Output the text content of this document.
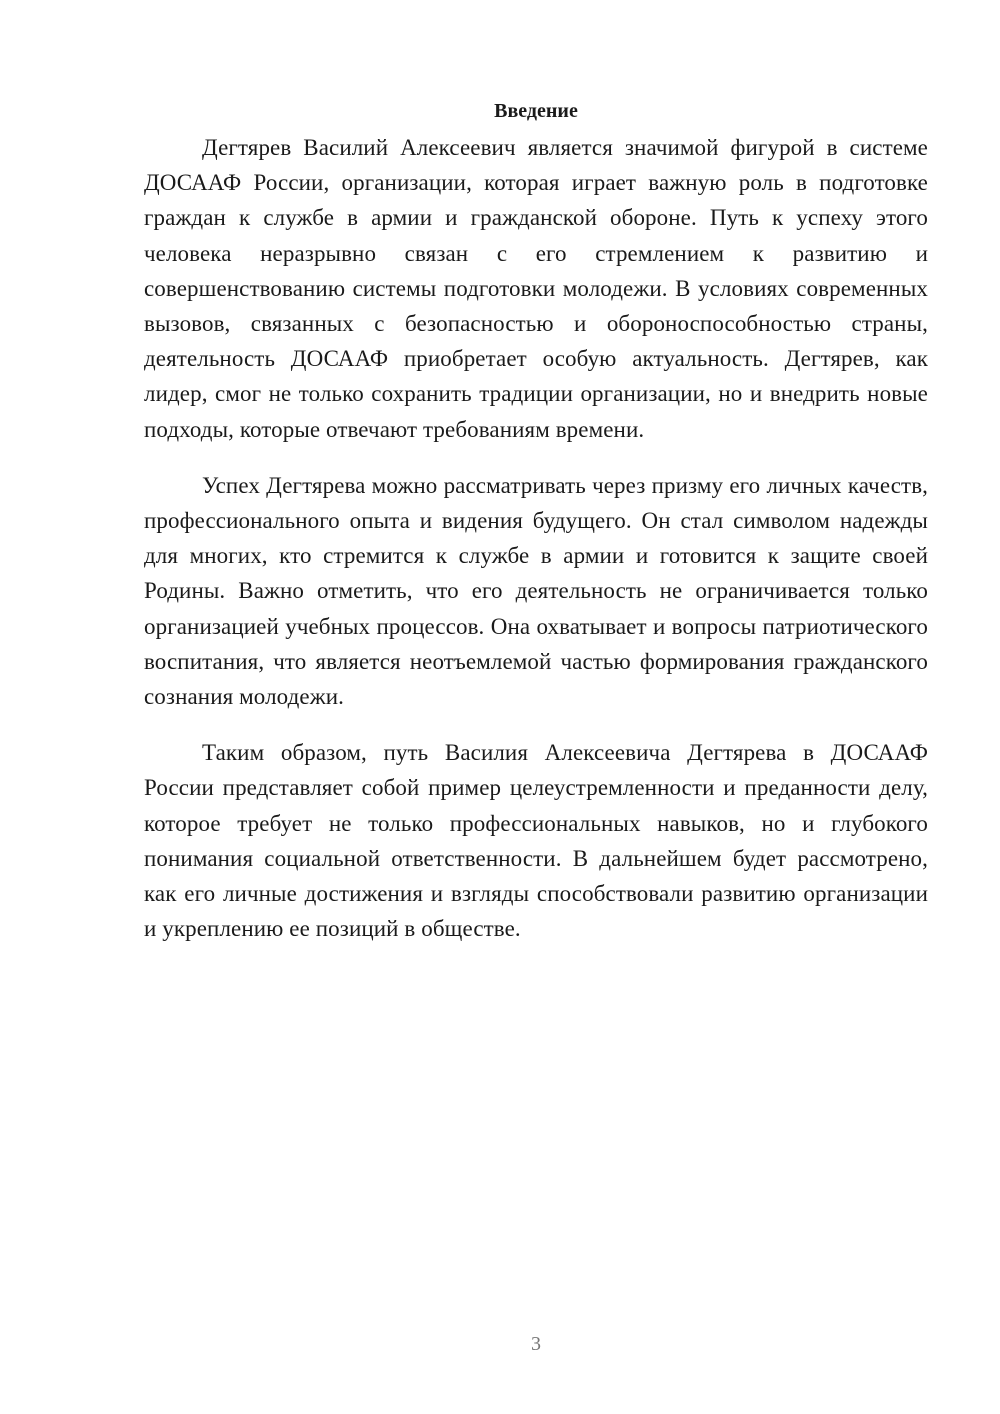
Введение

Дегтярев Василий Алексеевич является значимой фигурой в системе ДОСААФ России, организации, которая играет важную роль в подготовке граждан к службе в армии и гражданской обороне. Путь к успеху этого человека неразрывно связан с его стремлением к развитию и совершенствованию системы подготовки молодежи. В условиях современных вызовов, связанных с безопасностью и обороноспособностью страны, деятельность ДОСААФ приобретает особую актуальность. Дегтярев, как лидер, смог не только сохранить традиции организации, но и внедрить новые подходы, которые отвечают требованиям времени.

Успех Дегтярева можно рассматривать через призму его личных качеств, профессионального опыта и видения будущего. Он стал символом надежды для многих, кто стремится к службе в армии и готовится к защите своей Родины. Важно отметить, что его деятельность не ограничивается только организацией учебных процессов. Она охватывает и вопросы патриотического воспитания, что является неотъемлемой частью формирования гражданского сознания молодежи.

Таким образом, путь Василия Алексеевича Дегтярева в ДОСААФ России представляет собой пример целеустремленности и преданности делу, которое требует не только профессиональных навыков, но и глубокого понимания социальной ответственности. В дальнейшем будет рассмотрено, как его личные достижения и взгляды способствовали развитию организации и укреплению ее позиций в обществе.

3
